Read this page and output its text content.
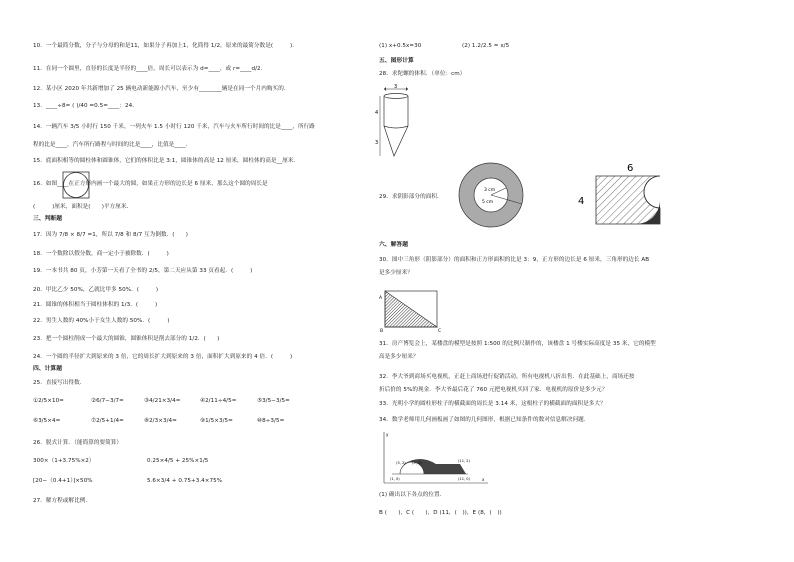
10．一个最简分数，分子与分母的和是11，如果分子再加上1，化简得 1/2，原来的最简分数是(　　　)．
11．在同一个圆里，直径的长度是半径的____倍，周长可以表示为 d=____，或 r=____d/2．
12．某小区 2020 年共新增加了 25 辆电动新能源小汽车，至少有________辆是在同一个月内购买的．
13．____÷8= ( )/40 =0.5=____：24．
14．一辆汽车 3/5 小时行 150 千米，一列火车 1.5 小时行 120 千米，汽车与火车所行时间的比是____，所行路
程的比是____，汽车所行路程与时间的比是____，比值是____．
15．底面积相等的圆柱体和圆锥体，它们的体积比是 3:1，圆锥体的高是 12 厘米，圆柱体的高是__厘米．
16．如图____在正方形内画一个最大的圆，如果正方形的边长是 6 厘米，那么这个圆的周长是
(　　　)厘米，面积是(　　)平方厘米．
三、判断题
17．因为 7/8 × 8/7 =1，所以 7/8 和 8/7 互为倒数．(　　)
18．一个数除以假分数，商一定小于被除数．(　　　)
19．一本书共 80 页，小芳第一天看了全书的 2/5，第二天应从第 33 页看起．(　　　)
20．甲比乙少 50%，乙就比甲多 50%．(　　　)
21．圆锥的体积相当于圆柱体积的 1/3．(　　　)
22．男生人数的 40%小于女生人数的 50%．(　　　)
23．把一个圆柱削成一个最大的圆锥，圆锥体积是削去部分的 1/2．(　　)
24．一个圆的半径扩大到原来的 3 倍，它的周长扩大到原来的 3 倍，面积扩大到原来的 4 倍．(　　　)
四、计算题
25．直接写出得数．
①2/5×10=	②6/7−3/7=	③4/21×3/4=	④2/11÷4/5=	⑤3/5−3/5=
⑥3/5×4=	⑦2/5+1/4=	⑧2/3×3/4=	⑨1/5×3/5=	⑩8÷3/5=
26．脱式计算．（能简算的要简算）
300×（1+3.75%×2）	0.25×4/5 + 25%×1/5
[20−（0.4+1）]×50%	5.6×3/4 + 0.75+3.4×75%
27．解方程或解比例．
(1) x+0.5x=30	(2) 1.2/2.5 = x/5
五、图形计算
28．求陀螺的体积．（单位：cm）
3
4
3
29．求阴影部分的面积．
3 cm
5 cm
6
4
六、解答题
30．图中三角形（阴影部分）的面积和正方形面积的比是 3：9，正方形的边长是 6 厘米，三角形的边长 AB
是多少厘米？
A
B	C
31．房产博览会上，某楼盘的模型是按照 1:500 的比例尺制作的，该楼盘 1 号楼实际高度是 35 米，它的模型
高是多少厘米？
32．李大爷到商场买电视机，正赶上商场进行促销活动，所有电视机八折出售．在此基础上，商场还按
折后价的 5%的现金．李大爷最后花了 760 元把电视机买回了家．电视机的原价是多少元？
33．光明小学的圆柱形柱子的横截面的周长是 3.14 米，这根柱子的横截面的面积是多大？
34．数学老师用几何画板画了如图的几何图形，根据已知条件的数对信息解决问题．
y
x
(3, 2) (5, 2)	(11, 2)
(1, 0)	(11, 0)
(1) 确出以下各点的位置．
B (　　)，C (　　)，D (11，(　))，E (8，(　))
